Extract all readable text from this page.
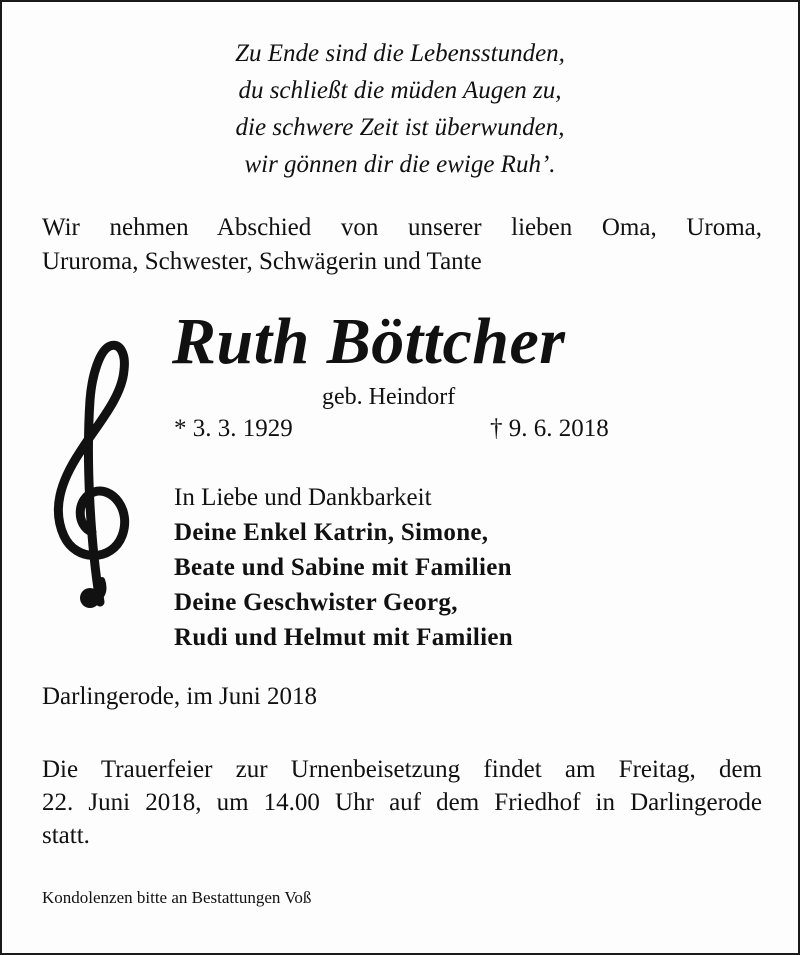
Zu Ende sind die Lebensstunden,
du schließt die müden Augen zu,
die schwere Zeit ist überwunden,
wir gönnen dir die ewige Ruh’.
Wir nehmen Abschied von unserer lieben Oma, Uroma,
Ururoma, Schwester, Schwägerin und Tante
Ruth Böttcher
geb. Heindorf
* 3. 3. 1929	† 9. 6. 2018
In Liebe und Dankbarkeit
Deine Enkel Katrin, Simone,
Beate und Sabine mit Familien
Deine Geschwister Georg,
Rudi und Helmut mit Familien
Darlingerode, im Juni 2018
Die Trauerfeier zur Urnenbeisetzung findet am Freitag, dem
22. Juni 2018, um 14.00 Uhr auf dem Friedhof in Darlingerode
statt.
Kondolenzen bitte an Bestattungen Voß
